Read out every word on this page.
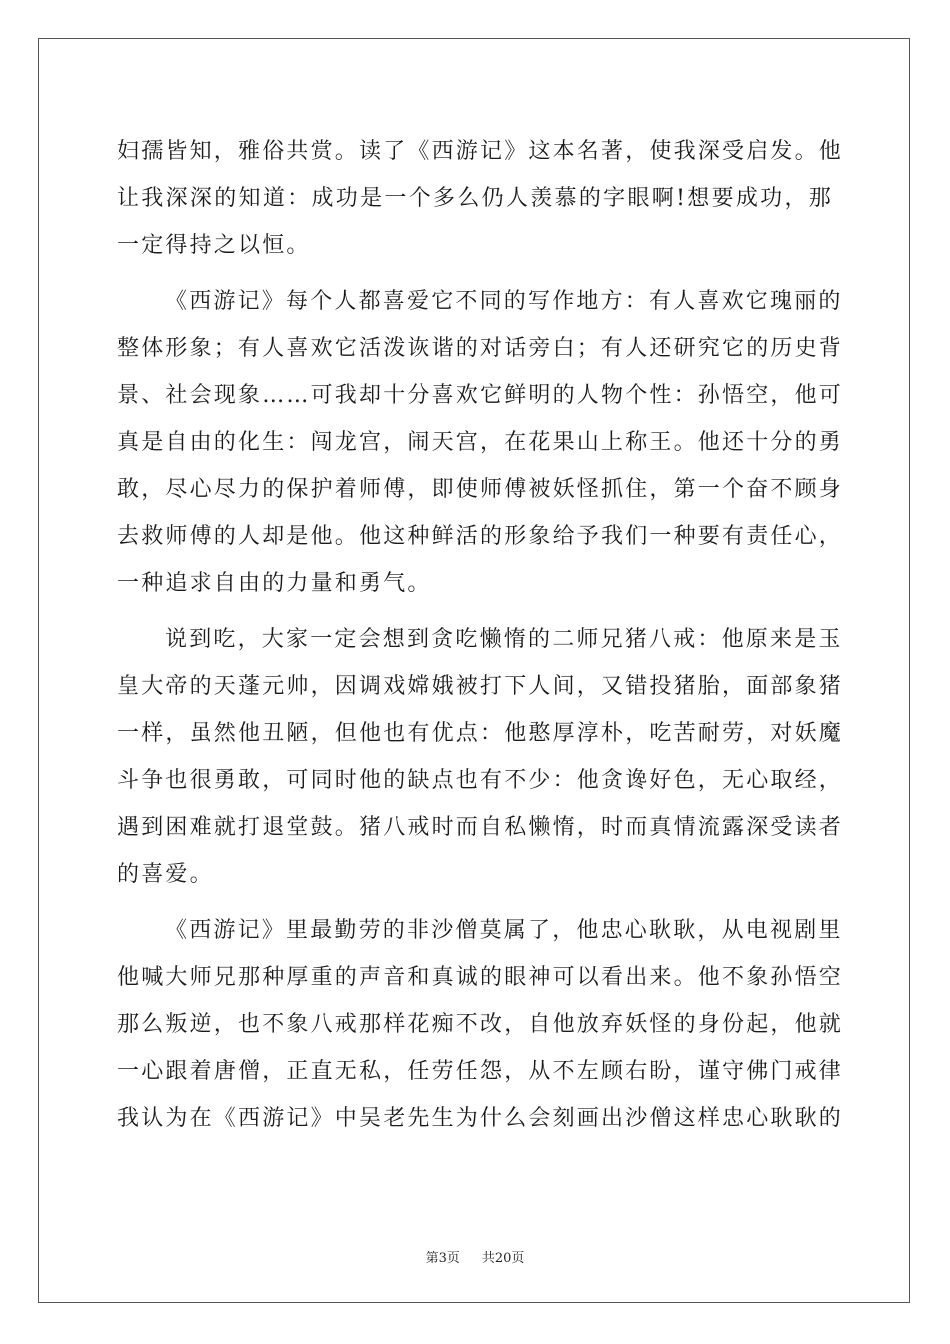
妇孺皆知，雅俗共赏。读了《西游记》这本名著，使我深受启发。他
让我深深的知道：成功是一个多么仍人羡慕的字眼啊!想要成功，那
一定得持之以恒。
《西游记》每个人都喜爱它不同的写作地方：有人喜欢它瑰丽的
整体形象；有人喜欢它活泼诙谐的对话旁白；有人还研究它的历史背
景、社会现象……可我却十分喜欢它鲜明的人物个性：孙悟空，他可
真是自由的化生：闯龙宫，闹天宫，在花果山上称王。他还十分的勇
敢，尽心尽力的保护着师傅，即使师傅被妖怪抓住，第一个奋不顾身
去救师傅的人却是他。他这种鲜活的形象给予我们一种要有责任心，
一种追求自由的力量和勇气。
说到吃，大家一定会想到贪吃懒惰的二师兄猪八戒：他原来是玉
皇大帝的天蓬元帅，因调戏嫦娥被打下人间，又错投猪胎，面部象猪
一样，虽然他丑陋，但他也有优点：他憨厚淳朴，吃苦耐劳，对妖魔
斗争也很勇敢，可同时他的缺点也有不少：他贪谗好色，无心取经，
遇到困难就打退堂鼓。猪八戒时而自私懒惰，时而真情流露深受读者
的喜爱。
《西游记》里最勤劳的非沙僧莫属了，他忠心耿耿，从电视剧里
他喊大师兄那种厚重的声音和真诚的眼神可以看出来。他不象孙悟空
那么叛逆，也不象八戒那样花痴不改，自他放弃妖怪的身份起，他就
一心跟着唐僧，正直无私，任劳任怨，从不左顾右盼，谨守佛门戒律
我认为在《西游记》中吴老先生为什么会刻画出沙僧这样忠心耿耿的
第3页 共20页
